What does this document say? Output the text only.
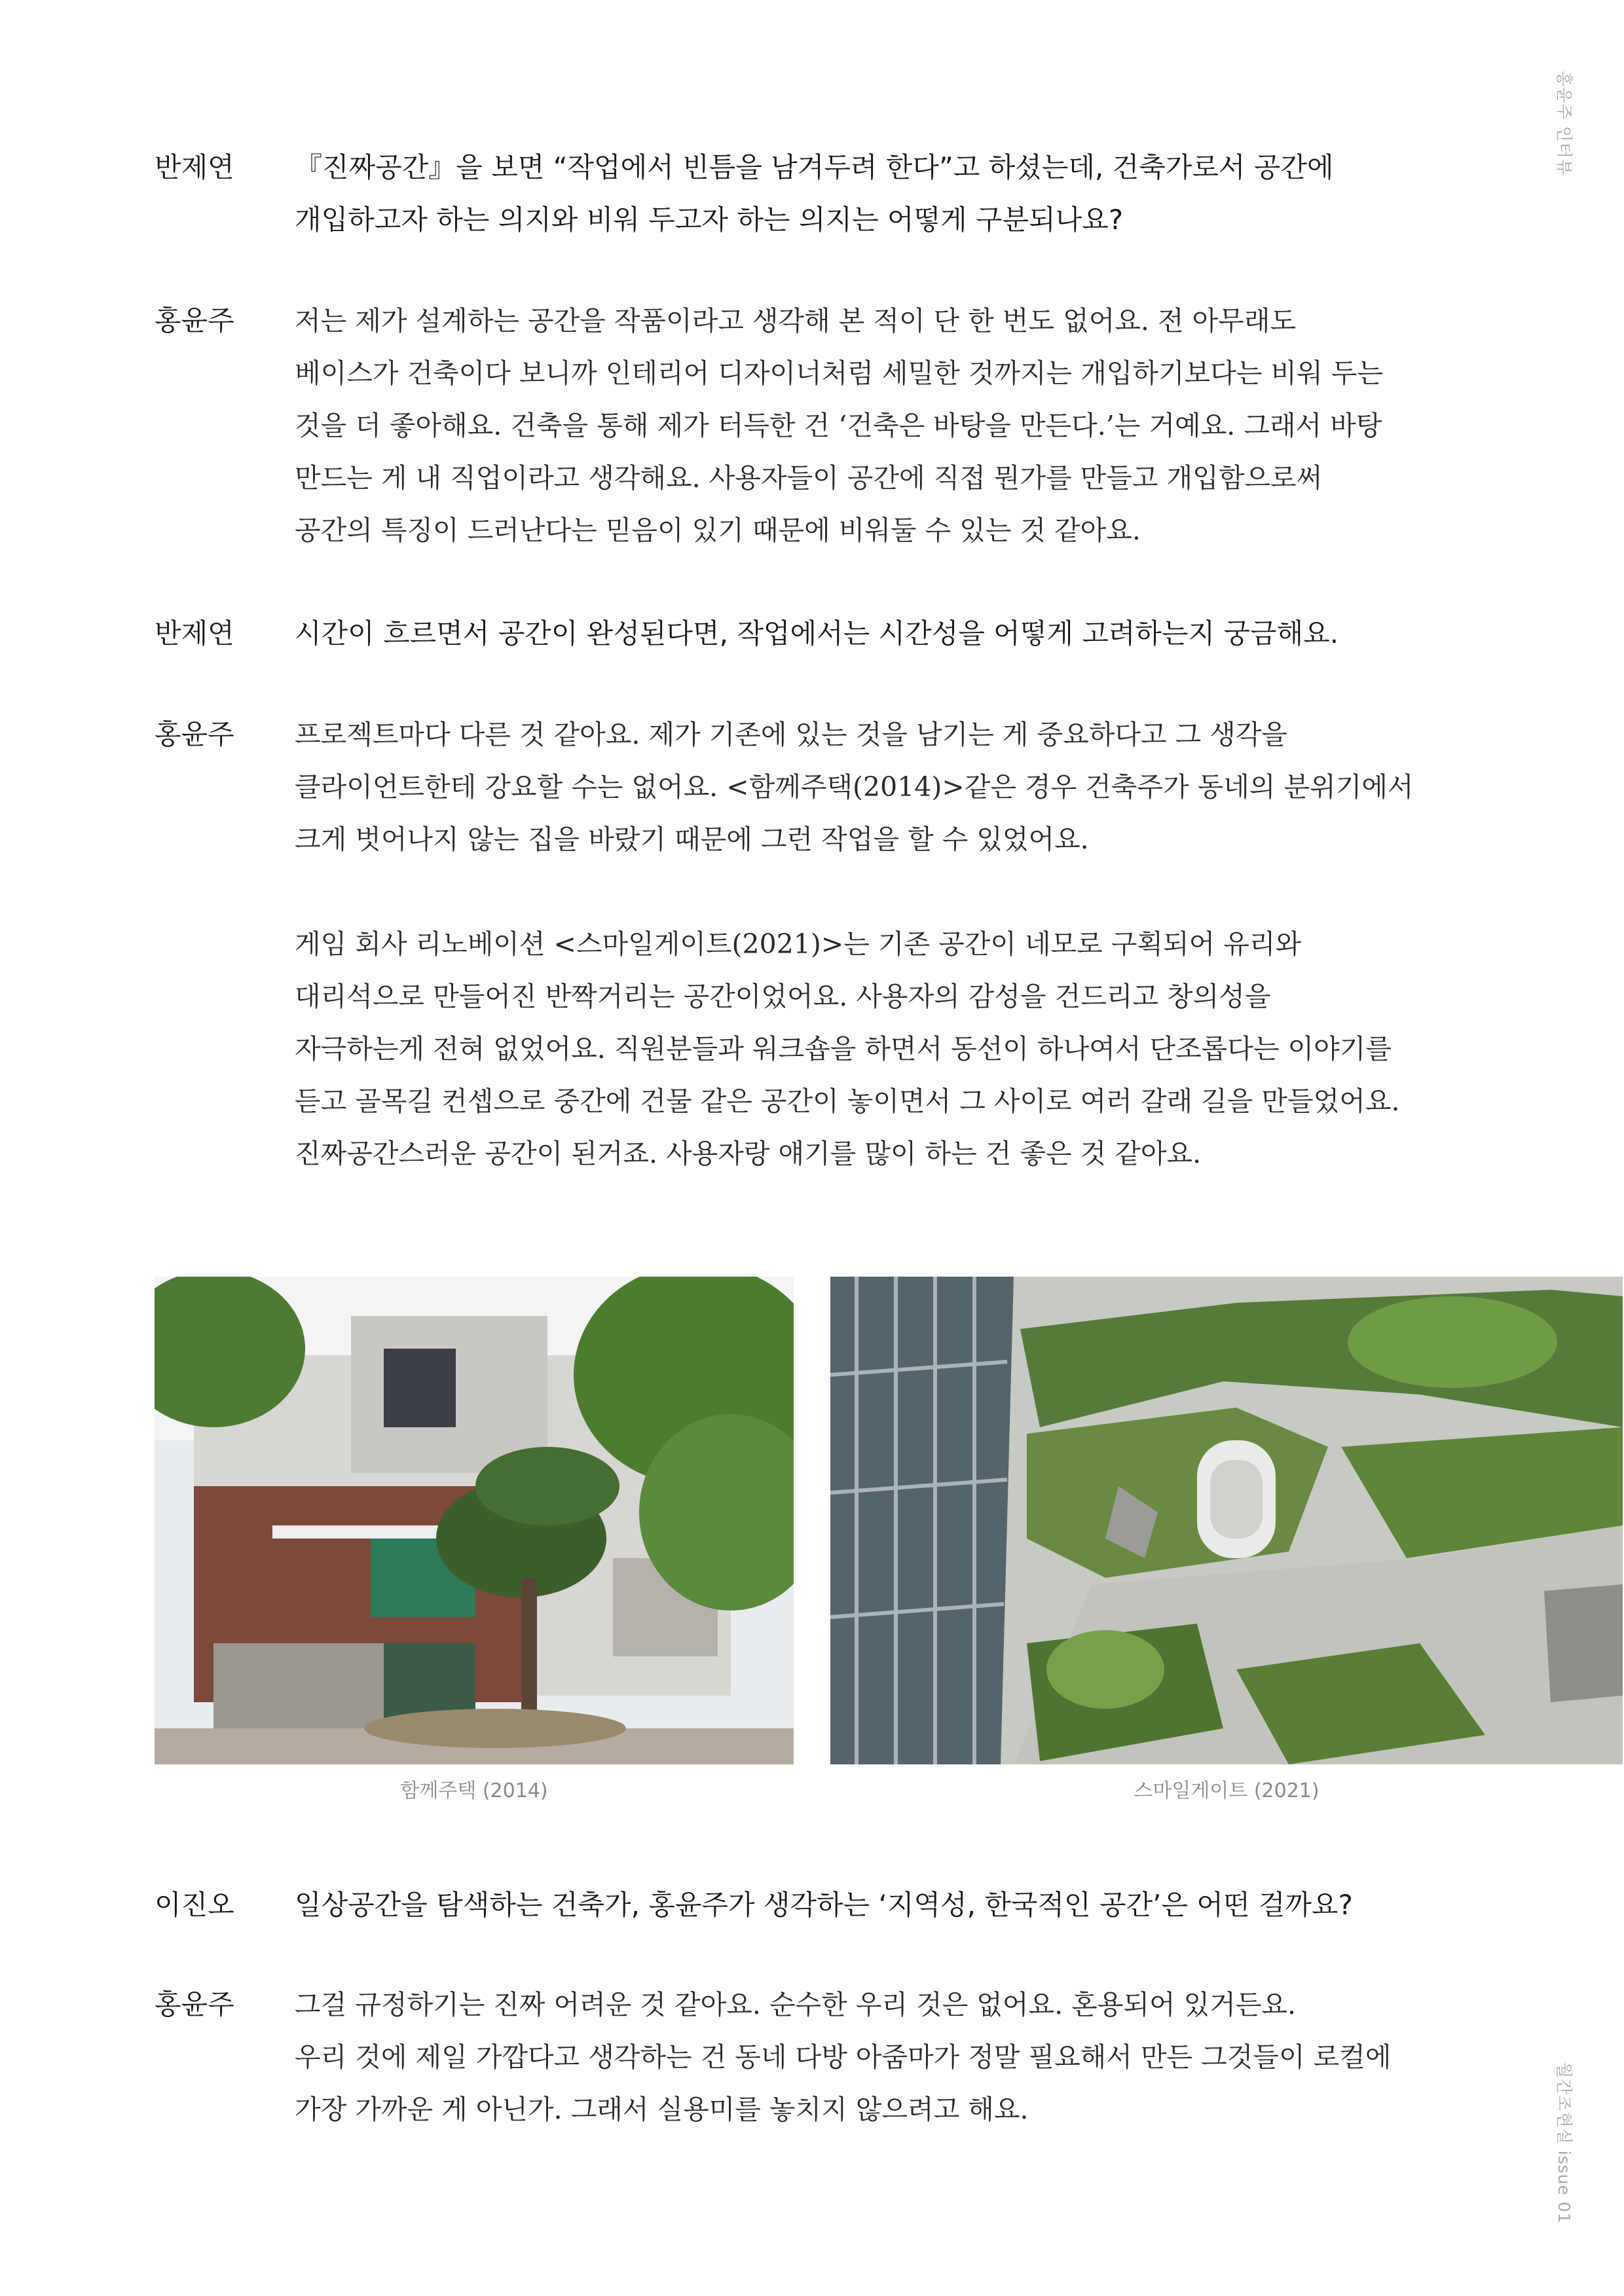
홍윤주 인터뷰
월간조현실 issue 01
반제연	『진짜공간』을 보면 “작업에서 빈틈을 남겨두려 한다”고 하셨는데, 건축가로서 공간에
개입하고자 하는 의지와 비워 두고자 하는 의지는 어떻게 구분되나요?
홍윤주	저는 제가 설계하는 공간을 작품이라고 생각해 본 적이 단 한 번도 없어요. 전 아무래도
베이스가 건축이다 보니까 인테리어 디자이너처럼 세밀한 것까지는 개입하기보다는 비워 두는
것을 더 좋아해요. 건축을 통해 제가 터득한 건 ‘건축은 바탕을 만든다.’는 거예요. 그래서 바탕
만드는 게 내 직업이라고 생각해요. 사용자들이 공간에 직접 뭔가를 만들고 개입함으로써
공간의 특징이 드러난다는 믿음이 있기 때문에 비워둘 수 있는 것 같아요.
반제연	시간이 흐르면서 공간이 완성된다면, 작업에서는 시간성을 어떻게 고려하는지 궁금해요.
홍윤주	프로젝트마다 다른 것 같아요. 제가 기존에 있는 것을 남기는 게 중요하다고 그 생각을
클라이언트한테 강요할 수는 없어요. <함께주택(2014)>같은 경우 건축주가 동네의 분위기에서
크게 벗어나지 않는 집을 바랐기 때문에 그런 작업을 할 수 있었어요.
게임 회사 리노베이션 <스마일게이트(2021)>는 기존 공간이 네모로 구획되어 유리와
대리석으로 만들어진 반짝거리는 공간이었어요. 사용자의 감성을 건드리고 창의성을
자극하는게 전혀 없었어요. 직원분들과 워크숍을 하면서 동선이 하나여서 단조롭다는 이야기를
듣고 골목길 컨셉으로 중간에 건물 같은 공간이 놓이면서 그 사이로 여러 갈래 길을 만들었어요.
진짜공간스러운 공간이 된거죠. 사용자랑 얘기를 많이 하는 건 좋은 것 같아요.
함께주택 (2014)	스마일게이트 (2021)
이진오	일상공간을 탐색하는 건축가, 홍윤주가 생각하는 ‘지역성, 한국적인 공간’은 어떤 걸까요?
홍윤주	그걸 규정하기는 진짜 어려운 것 같아요. 순수한 우리 것은 없어요. 혼용되어 있거든요.
우리 것에 제일 가깝다고 생각하는 건 동네 다방 아줌마가 정말 필요해서 만든 그것들이 로컬에
가장 가까운 게 아닌가. 그래서 실용미를 놓치지 않으려고 해요.
